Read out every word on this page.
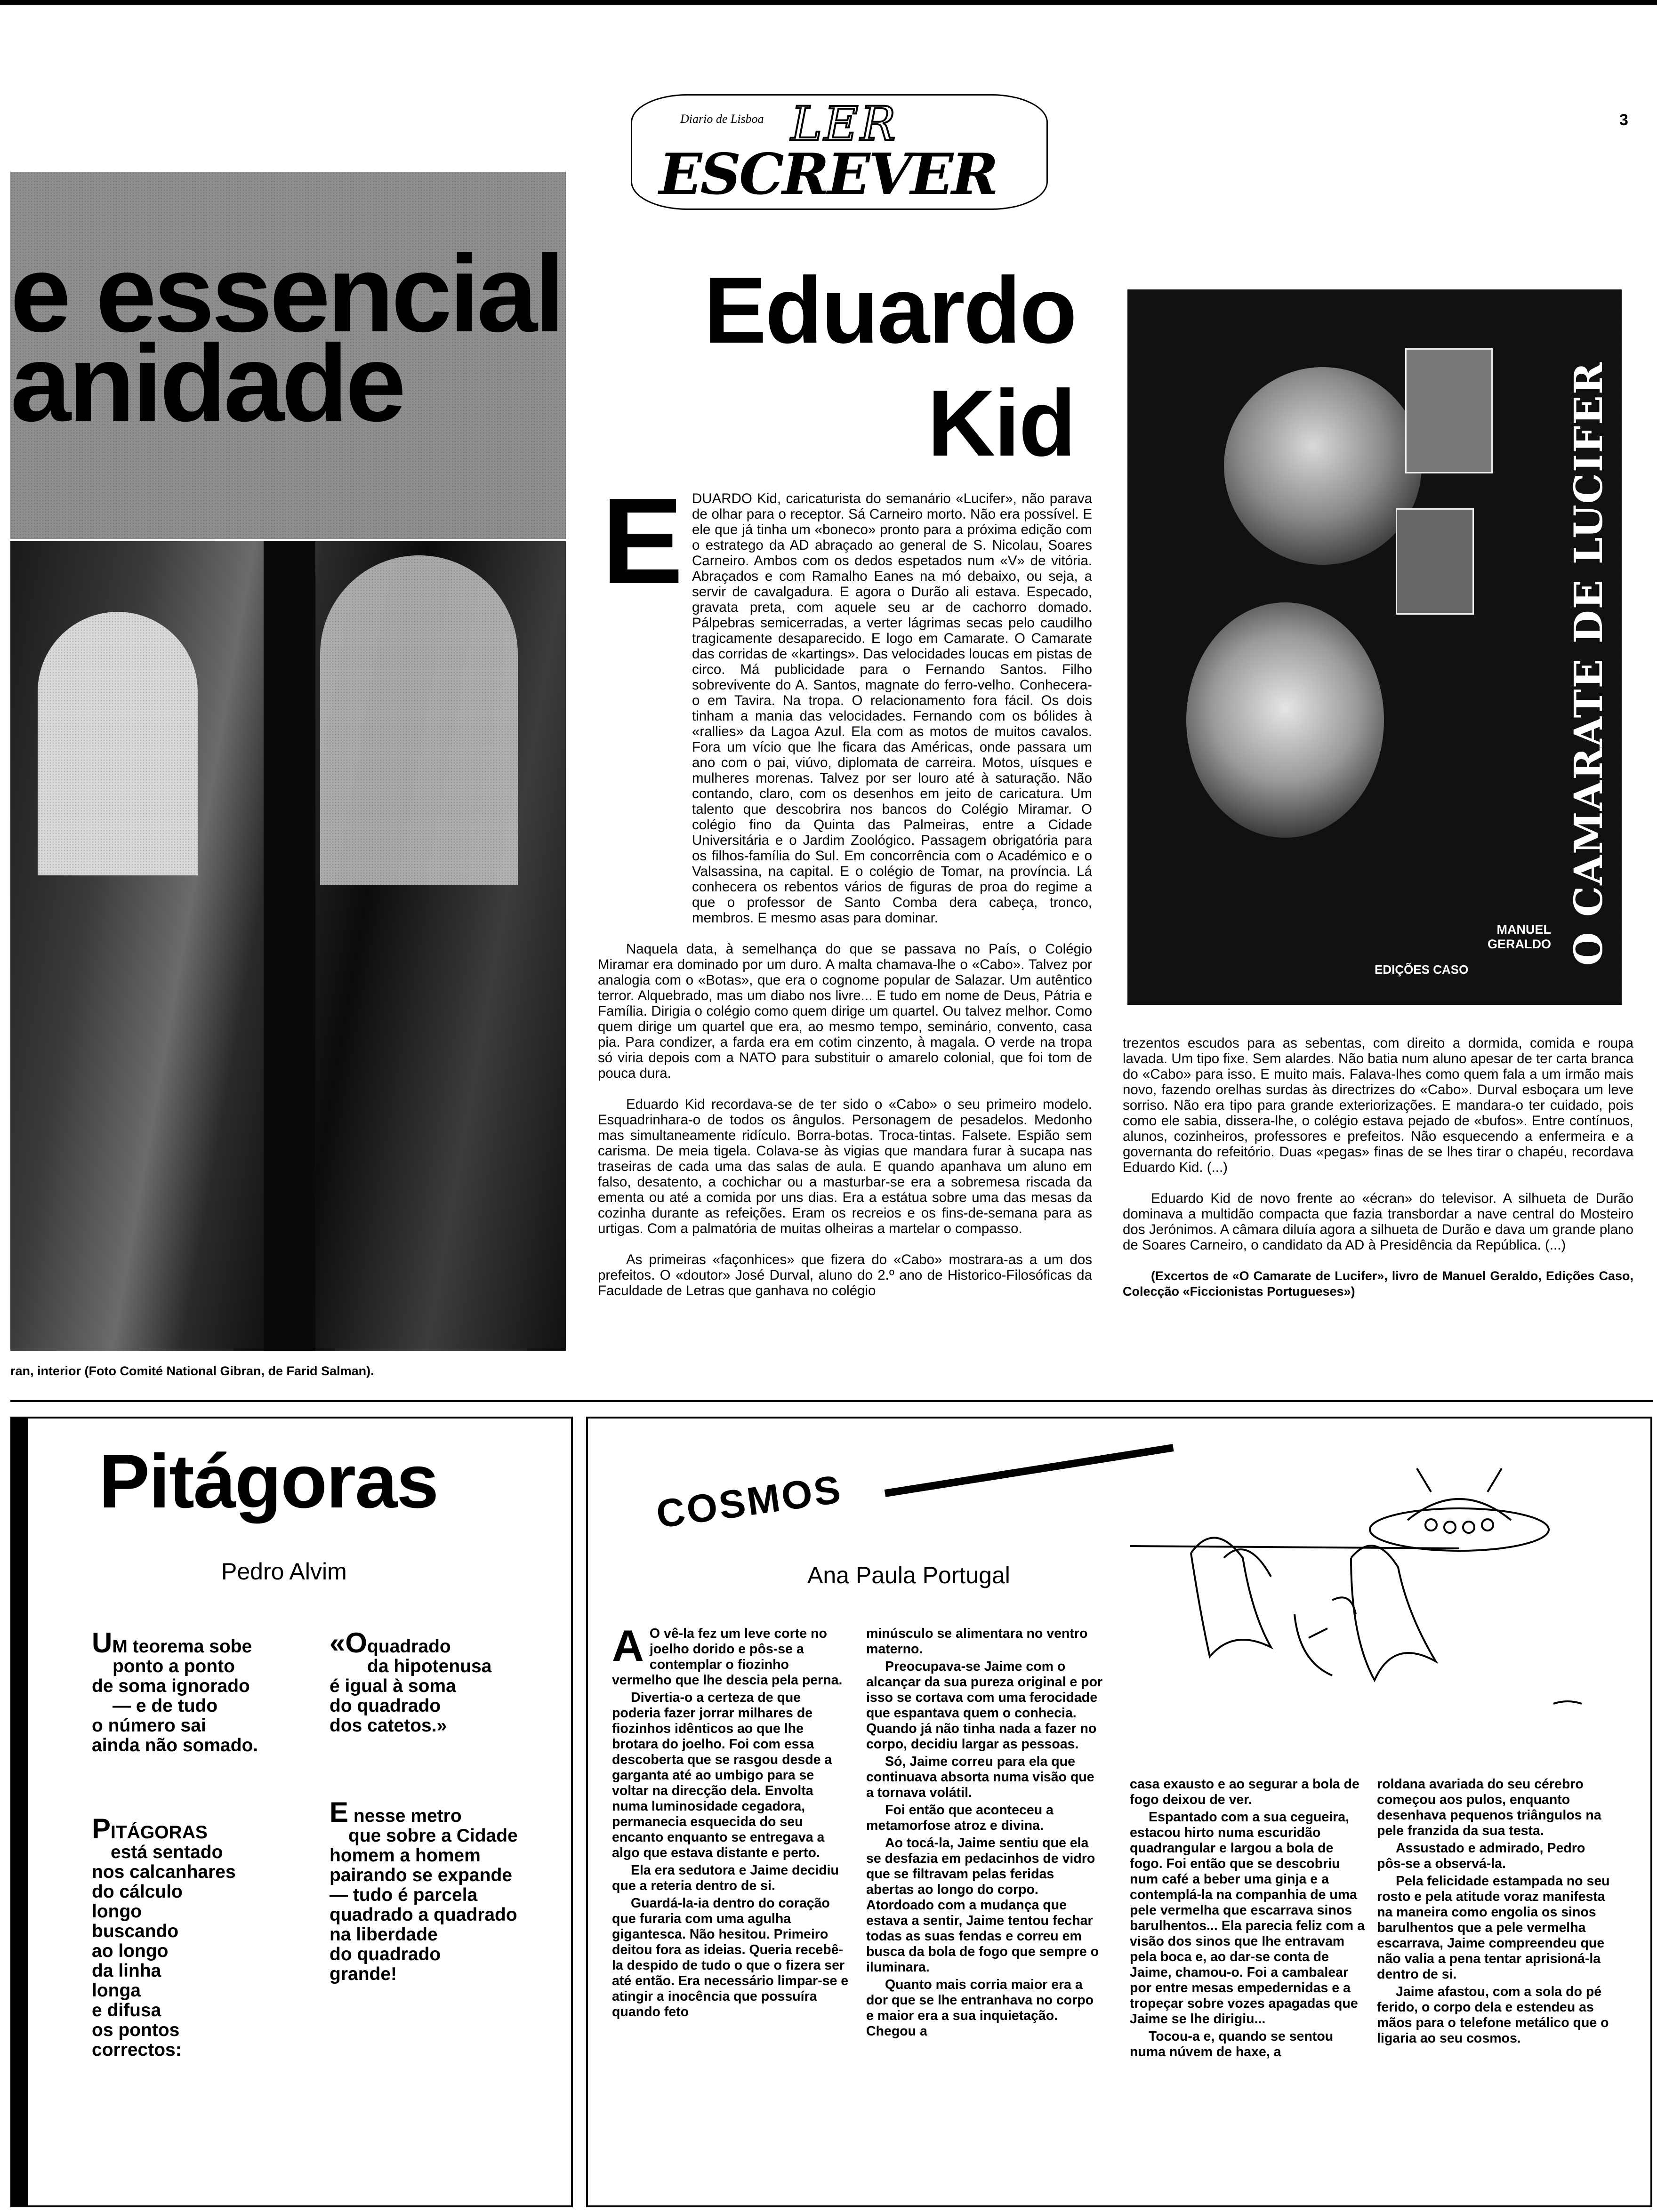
3
Diario de Lisboa LER
ESCREVER
e essencial
anidade
ran, interior (Foto Comité National Gibran, de Farid Salman).
Eduardo
Kid
E DUARDO Kid, caricaturista do semanário «Lucifer», não parava de olhar para o receptor. Sá Carneiro morto. Não era possível. E ele que já tinha um «boneco» pronto para a próxima edição com o estratego da AD abraçado ao general de S. Nicolau, Soares Carneiro. Ambos com os dedos espetados num «V» de vitória. Abraçados e com Ramalho Eanes na mó debaixo, ou seja, a servir de cavalgadura. E agora o Durão ali estava. Especado, gravata preta, com aquele seu ar de cachorro domado. Pálpebras semicerradas, a verter lágrimas secas pelo caudilho tragicamente desaparecido. E logo em Camarate. O Camarate das corridas de «kartings». Das velocidades loucas em pistas de circo. Má publicidade para o Fernando Santos. Filho sobrevivente do A. Santos, magnate do ferro-velho. Conhecera-o em Tavira. Na tropa. O relacionamento fora fácil. Os dois tinham a mania das velocidades. Fernando com os bólides à «rallies» da Lagoa Azul. Ela com as motos de muitos cavalos. Fora um vício que lhe ficara das Américas, onde passara um ano com o pai, viúvo, diplomata de carreira. Motos, uísques e mulheres morenas. Talvez por ser louro até à saturação. Não contando, claro, com os desenhos em jeito de caricatura. Um talento que descobrira nos bancos do Colégio Miramar. O colégio fino da Quinta das Palmeiras, entre a Cidade Universitária e o Jardim Zoológico. Passagem obrigatória para os filhos-família do Sul. Em concorrência com o Académico e o Valsassina, na capital. E o colégio de Tomar, na província. Lá conhecera os rebentos vários de figuras de proa do regime a que o professor de Santo Comba dera cabeça, tronco, membros. E mesmo asas para dominar.

Naquela data, à semelhança do que se passava no País, o Colégio Miramar era dominado por um duro. A malta chamava-lhe o «Cabo». Talvez por analogia com o «Botas», que era o cognome popular de Salazar. Um autêntico terror. Alquebrado, mas um diabo nos livre... E tudo em nome de Deus, Pátria e Família. Dirigia o colégio como quem dirige um quartel. Ou talvez melhor. Como quem dirige um quartel que era, ao mesmo tempo, seminário, convento, casa pia. Para condizer, a farda era em cotim cinzento, à magala. O verde na tropa só viria depois com a NATO para substituir o amarelo colonial, que foi tom de pouca dura.

Eduardo Kid recordava-se de ter sido o «Cabo» o seu primeiro modelo. Esquadrinhara-o de todos os ângulos. Personagem de pesadelos. Medonho mas simultaneamente ridículo. Borra-botas. Troca-tintas. Falsete. Espião sem carisma. De meia tigela. Colava-se às vigias que mandara furar à sucapa nas traseiras de cada uma das salas de aula. E quando apanhava um aluno em falso, desatento, a cochichar ou a masturbar-se era a sobremesa riscada da ementa ou até a comida por uns dias. Era a estátua sobre uma das mesas da cozinha durante as refeições. Eram os recreios e os fins-de-semana para as urtigas. Com a palmatória de muitas olheiras a martelar o compasso.

As primeiras «façonhices» que fizera do «Cabo» mostrara-as a um dos prefeitos. O «doutor» José Durval, aluno do 2.º ano de Historico-Filosóficas da Faculdade de Letras que ganhava no colégio

O CAMARATE DE LUCIFER
MANUEL
GERALDO
EDIÇÕES CASO

trezentos escudos para as sebentas, com direito a dormida, comida e roupa lavada. Um tipo fixe. Sem alardes. Não batia num aluno apesar de ter carta branca do «Cabo» para isso. E muito mais. Falava-lhes como quem fala a um irmão mais novo, fazendo orelhas surdas às directrizes do «Cabo». Durval esboçara um leve sorriso. Não era tipo para grande exteriorizações. E mandara-o ter cuidado, pois como ele sabia, dissera-lhe, o colégio estava pejado de «bufos». Entre contínuos, alunos, cozinheiros, professores e prefeitos. Não esquecendo a enfermeira e a governanta do refeitório. Duas «pegas» finas de se lhes tirar o chapéu, recordava Eduardo Kid. (...)

Eduardo Kid de novo frente ao «écran» do televisor. A silhueta de Durão dominava a multidão compacta que fazia transbordar a nave central do Mosteiro dos Jerónimos. A câmara diluía agora a silhueta de Durão e dava um grande plano de Soares Carneiro, o candidato da AD à Presidência da República. (...)

(Excertos de «O Camarate de Lucifer», livro de Manuel Geraldo, Edições Caso, Colecção «Ficcionistas Portugueses»)

Pitágoras
Pedro Alvim
UM teorema sobe
ponto a ponto
de soma ignorado
— e de tudo
o número sai
ainda não somado.
«Oquadrado
da hipotenusa
é igual à soma
do quadrado
dos catetos.»
PITÁGORAS
está sentado
nos calcanhares
do cálculo
longo
buscando
ao longo
da linha
longa
e difusa
os pontos
correctos:
E nesse metro
que sobre a Cidade
homem a homem
pairando se expande
— tudo é parcela
quadrado a quadrado
na liberdade
do quadrado
grande!
COSMOS
Ana Paula Portugal

A O vê-la fez um leve corte no joelho dorido e pôs-se a contemplar o fiozinho vermelho que lhe descia pela perna.

Divertia-o a certeza de que poderia fazer jorrar milhares de fiozinhos idênticos ao que lhe brotara do joelho. Foi com essa descoberta que se rasgou desde a garganta até ao umbigo para se voltar na direcção dela. Envolta numa luminosidade cegadora, permanecia esquecida do seu encanto enquanto se entregava a algo que estava distante e perto.

Ela era sedutora e Jaime decidiu que a reteria dentro de si.

Guardá-la-ia dentro do coração que furaria com uma agulha gigantesca. Não hesitou. Primeiro deitou fora as ideias. Queria recebê-la despido de tudo o que o fizera ser até então. Era necessário limpar-se e atingir a inocência que possuíra quando feto

minúsculo se alimentara no ventro materno.

Preocupava-se Jaime com o alcançar da sua pureza original e por isso se cortava com uma ferocidade que espantava quem o conhecia. Quando já não tinha nada a fazer no corpo, decidiu largar as pessoas.

Só, Jaime correu para ela que continuava absorta numa visão que a tornava volátil.

Foi então que aconteceu a metamorfose atroz e divina.

Ao tocá-la, Jaime sentiu que ela se desfazia em pedacinhos de vidro que se filtravam pelas feridas abertas ao longo do corpo. Atordoado com a mudança que estava a sentir, Jaime tentou fechar todas as suas fendas e correu em busca da bola de fogo que sempre o iluminara.

Quanto mais corria maior era a dor que se lhe entranhava no corpo e maior era a sua inquietação. Chegou a

casa exausto e ao segurar a bola de fogo deixou de ver.

Espantado com a sua cegueira, estacou hirto numa escuridão quadrangular e largou a bola de fogo. Foi então que se descobriu num café a beber uma ginja e a contemplá-la na companhia de uma pele vermelha que escarrava sinos barulhentos... Ela parecia feliz com a visão dos sinos que lhe entravam pela boca e, ao dar-se conta de Jaime, chamou-o. Foi a cambalear por entre mesas empedernidas e a tropeçar sobre vozes apagadas que Jaime se lhe dirigiu...

Tocou-a e, quando se sentou numa núvem de haxe, a

roldana avariada do seu cérebro começou aos pulos, enquanto desenhava pequenos triângulos na pele franzida da sua testa.

Assustado e admirado, Pedro pôs-se a observá-la.

Pela felicidade estampada no seu rosto e pela atitude voraz manifesta na maneira como engolia os sinos barulhentos que a pele vermelha escarrava, Jaime compreendeu que não valia a pena tentar aprisioná-la dentro de si.

Jaime afastou, com a sola do pé ferido, o corpo dela e estendeu as mãos para o telefone metálico que o ligaria ao seu cosmos.
